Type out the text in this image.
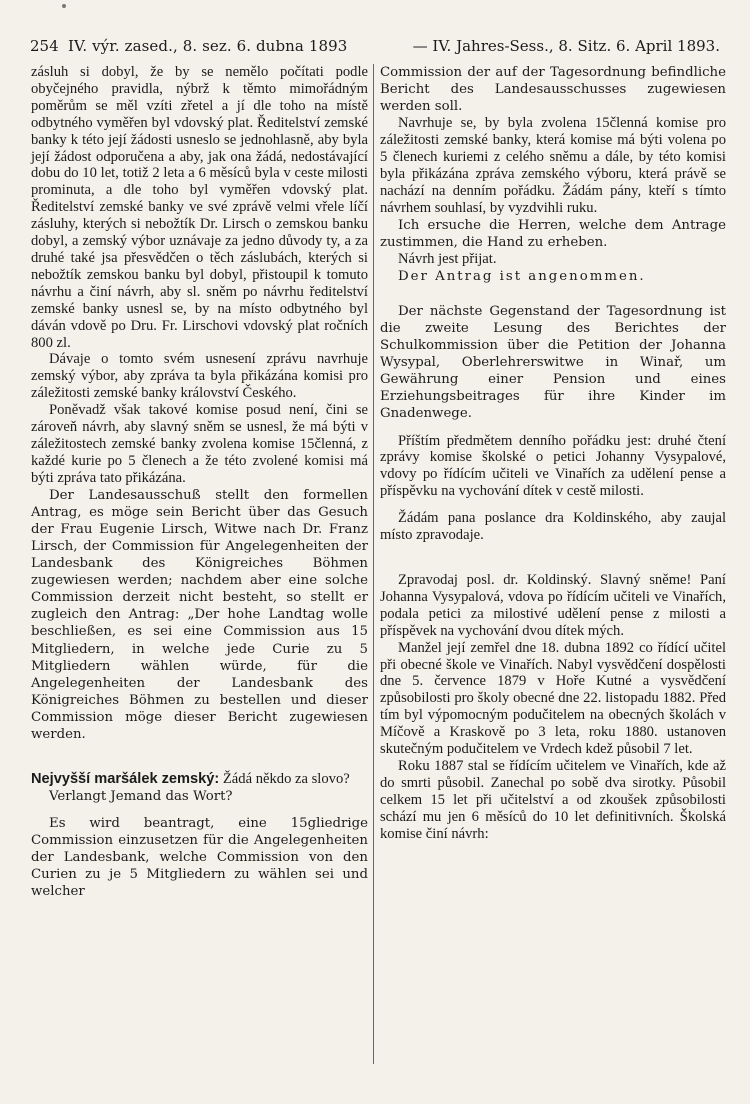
254 IV. výr. zased., 8. sez. 6. dubna 1893	— IV. Jahres-Sess., 8. Sitz. 6. April 1893.

zásluh si dobyl, že by se nemělo počítati podle obyčejného pravidla, nýbrž k těmto mimořádným poměrům se měl vzíti zřetel a jí dle toho na místě odbytného vyměřen byl vdovský plat. Ředitelství zemské banky k této její žádosti usneslo se jednohlasně, aby byla její žádost odporučena a aby, jak ona žádá, nedostávající dobu do 10 let, totiž 2 leta a 6 měsíců byla v ceste milosti prominuta, a dle toho byl vyměřen vdovský plat. Ředitelství zemské banky ve své zprávě velmi vřele líčí zásluhy, kterých si nebožtík Dr. Lirsch o zemskou banku dobyl, a zemský výbor uznávaje za jedno důvody ty, a za druhé také jsa přesvědčen o těch záslubách, kterých si nebožtík zemskou banku byl dobyl, přistoupil k tomuto návrhu a činí návrh, aby sl. sněm po návrhu ředitelství zemské banky usnesl se, by na místo odbytného byl dáván vdově po Dru. Fr. Lirschovi vdovský plat ročních 800 zl.

Dávaje o tomto svém usnesení zprávu navrhuje zemský výbor, aby zpráva ta byla přikázána komisi pro záležitosti zemské banky království Českého.

Poněvadž však takové komise posud není, čini se zároveň návrh, aby slavný sněm se usnesl, že má býti v záležitostech zemské banky zvolena komise 15členná, z každé kurie po 5 členech a že této zvolené komisi má býti zpráva tato přikázána.

Der Landesausschuß stellt den formellen Antrag, es möge sein Bericht über das Gesuch der Frau Eugenie Lirsch, Witwe nach Dr. Franz Lirsch, der Commission für Angelegenheiten der Landesbank des Königreiches Böhmen zugewiesen werden; nachdem aber eine solche Commission derzeit nicht besteht, so stellt er zugleich den Antrag: „Der hohe Landtag wolle beschließen, es sei eine Commission aus 15 Mitgliedern, in welche jede Curie zu 5 Mitgliedern wählen würde, für die Angelegenheiten der Landesbank des Königreiches Böhmen zu bestellen und dieser Commission möge dieser Bericht zugewiesen werden.

Nejvyšší maršálek zemský: Žádá někdo za slovo?

Verlangt Jemand das Wort?

Es wird beantragt, eine 15gliedrige Commission einzusetzen für die Angelegenheiten der Landesbank, welche Commission von den Curien zu je 5 Mitgliedern zu wählen sei und welcher

Commission der auf der Tagesordnung befindliche Bericht des Landesausschusses zugewiesen werden soll.

Navrhuje se, by byla zvolena 15členná komise pro záležitosti zemské banky, která komise má býti volena po 5 členech kuriemi z celého sněmu a dále, by této komisi byla přikázána zpráva zemského výboru, která právě se nachází na denním pořádku. Žádám pány, kteří s tímto návrhem souhlasí, by vyzdvihli ruku.

Ich ersuche die Herren, welche dem Antrage zustimmen, die Hand zu erheben.

Návrh jest přijat.

Der Antrag ist angenommen.

Der nächste Gegenstand der Tagesordnung ist die zweite Lesung des Berichtes der Schulkommission über die Petition der Johanna Wysypal, Oberlehrerswitwe in Winař, um Gewährung einer Pension und eines Erziehungsbeitrages für ihre Kinder im Gnadenwege.

Příštím předmětem denního pořádku jest: druhé čtení zprávy komise školské o petici Johanny Vysypalové, vdovy po řídícím učiteli ve Vinařích za udělení pense a příspěvku na vychování dítek v cestě milosti.

Žádám pana poslance dra Koldinského, aby zaujal místo zpravodaje.

Zpravodaj posl. dr. Koldinský. Slavný sněme! Paní Johanna Vysypalová, vdova po řídícím učiteli ve Vinařích, podala petici za milostivé udělení pense z milosti a příspěvek na vychování dvou dítek mých.

Manžel její zemřel dne 18. dubna 1892 co řídící učitel při obecné škole ve Vinařích. Nabyl vysvědčení dospělosti dne 5. července 1879 v Hoře Kutné a vysvědčení způsobilosti pro školy obecné dne 22. listopadu 1882. Před tím byl výpomocným podučitelem na obecných školách v Míčově a Kraskově po 3 leta, roku 1880. ustanoven skutečným podučitelem ve Vrdech kdež působil 7 let.

Roku 1887 stal se řídícím učitelem ve Vinařích, kde až do smrti působil. Zanechal po sobě dva sirotky. Působil celkem 15 let při učitelství a od zkoušek způsobilosti schází mu jen 6 měsíců do 10 let definitivních. Školská komise činí návrh:
